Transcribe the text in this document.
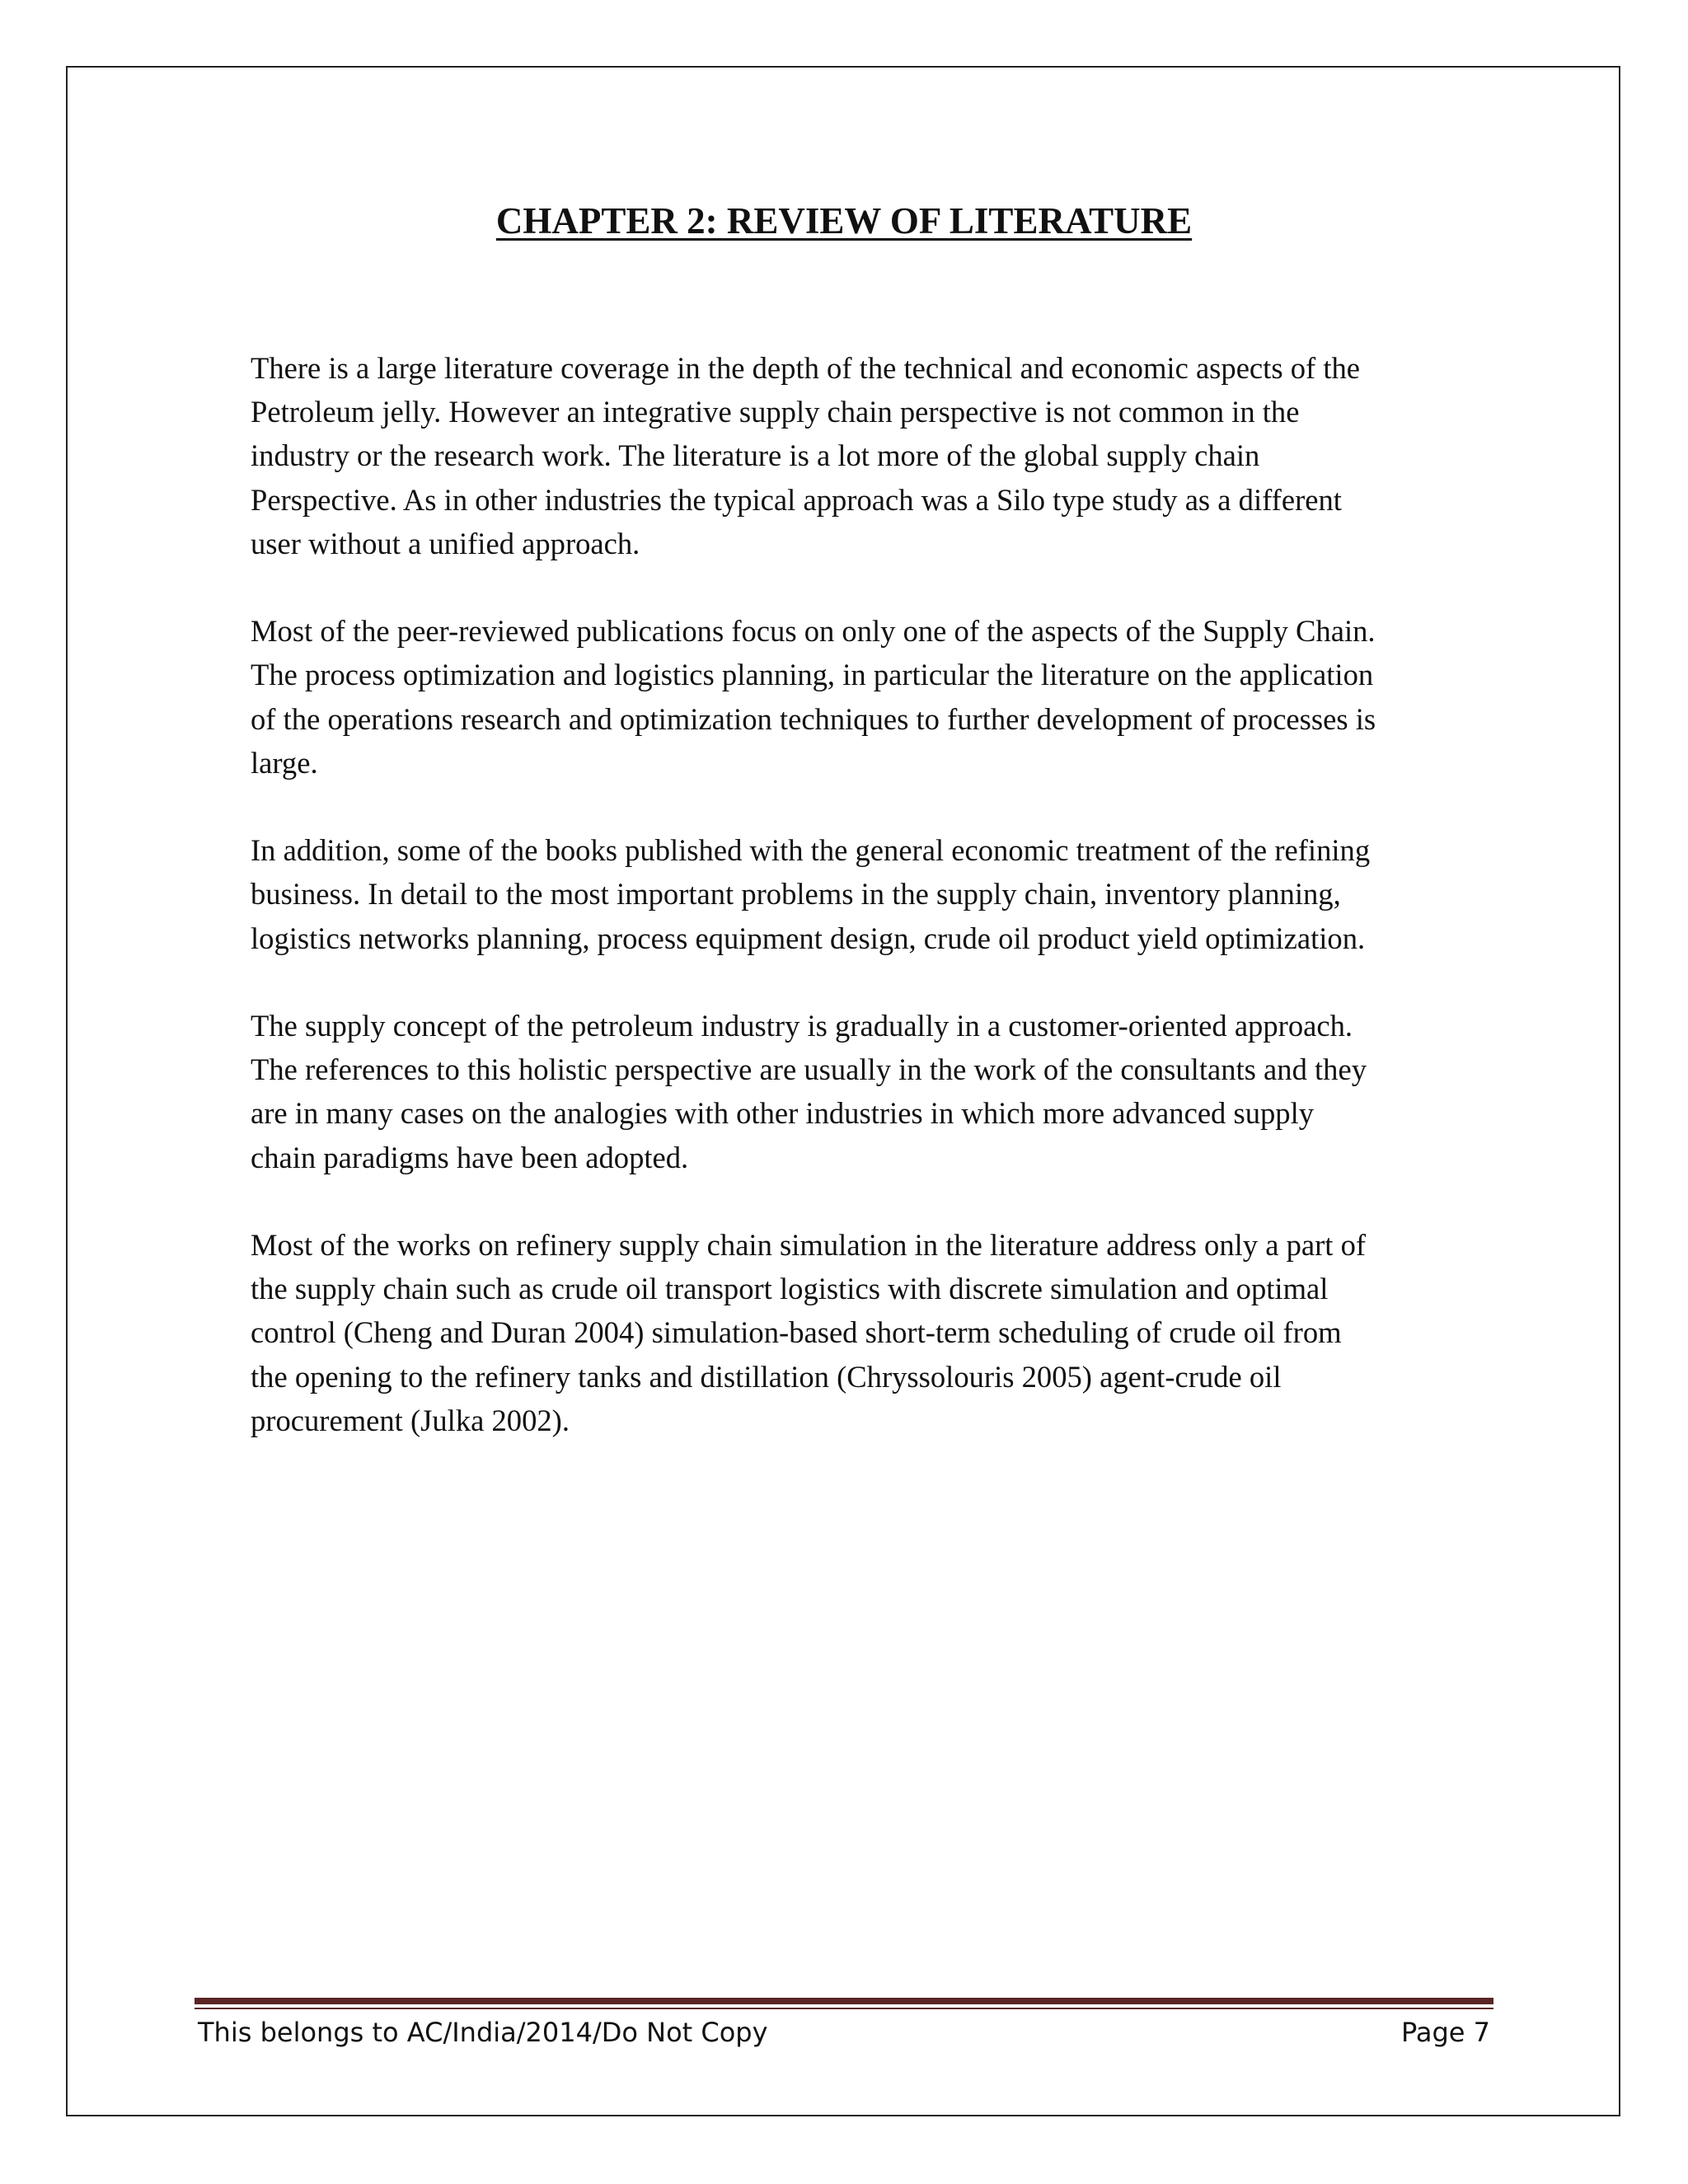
CHAPTER 2: REVIEW OF LITERATURE

There is a large literature coverage in the depth of the technical and economic aspects of the
Petroleum jelly. However an integrative supply chain perspective is not common in the
industry or the research work. The literature is a lot more of the global supply chain
Perspective. As in other industries the typical approach was a Silo type study as a different
user without a unified approach.

Most of the peer-reviewed publications focus on only one of the aspects of the Supply Chain.
The process optimization and logistics planning, in particular the literature on the application
of the operations research and optimization techniques to further development of processes is
large.

In addition, some of the books published with the general economic treatment of the refining
business. In detail to the most important problems in the supply chain, inventory planning,
logistics networks planning, process equipment design, crude oil product yield optimization.

The supply concept of the petroleum industry is gradually in a customer-oriented approach.
The references to this holistic perspective are usually in the work of the consultants and they
are in many cases on the analogies with other industries in which more advanced supply
chain paradigms have been adopted.

Most of the works on refinery supply chain simulation in the literature address only a part of
the supply chain such as crude oil transport logistics with discrete simulation and optimal
control (Cheng and Duran 2004) simulation-based short-term scheduling of crude oil from
the opening to the refinery tanks and distillation (Chryssolouris 2005) agent-crude oil
procurement (Julka 2002).

This belongs to AC/India/2014/Do Not Copy	Page 7
